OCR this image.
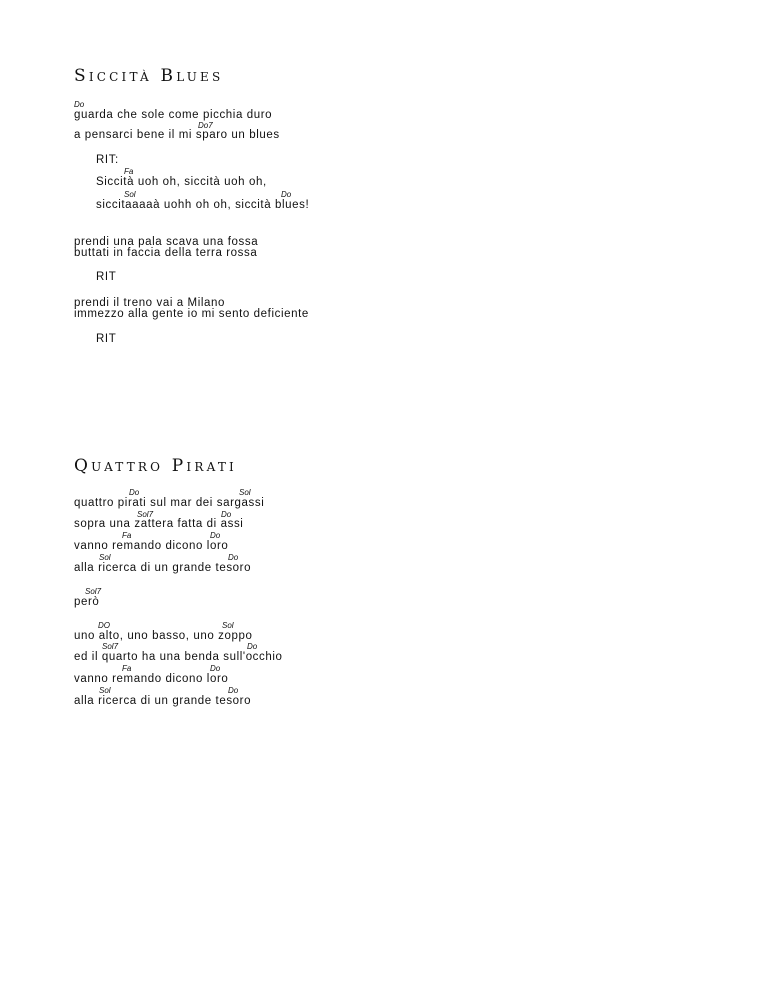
Siccità Blues
Do
guarda che sole come picchia duro
Do7
a pensarci bene il mi sparo un blues
RIT:
Fa
Siccità uoh oh, siccità uoh oh,
Sol	Do
siccitaaaaà uohh oh oh, siccità blues!
prendi una pala scava una fossa
buttati in faccia della terra rossa
RIT
prendi il treno vai a Milano
immezzo alla gente io mi sento deficiente
RIT
Quattro Pirati
Do	Sol
quattro pirati sul mar dei sargassi
Sol7	Do
sopra una zattera fatta di assi
Fa	Do
vanno remando dicono loro
Sol	Do
alla ricerca di un grande tesoro
Sol7
però
DO	Sol
uno alto, uno basso, uno zoppo
Sol7	Do
ed il quarto ha una benda sull'occhio
Fa	Do
vanno remando dicono loro
Sol	Do
alla ricerca di un grande tesoro
